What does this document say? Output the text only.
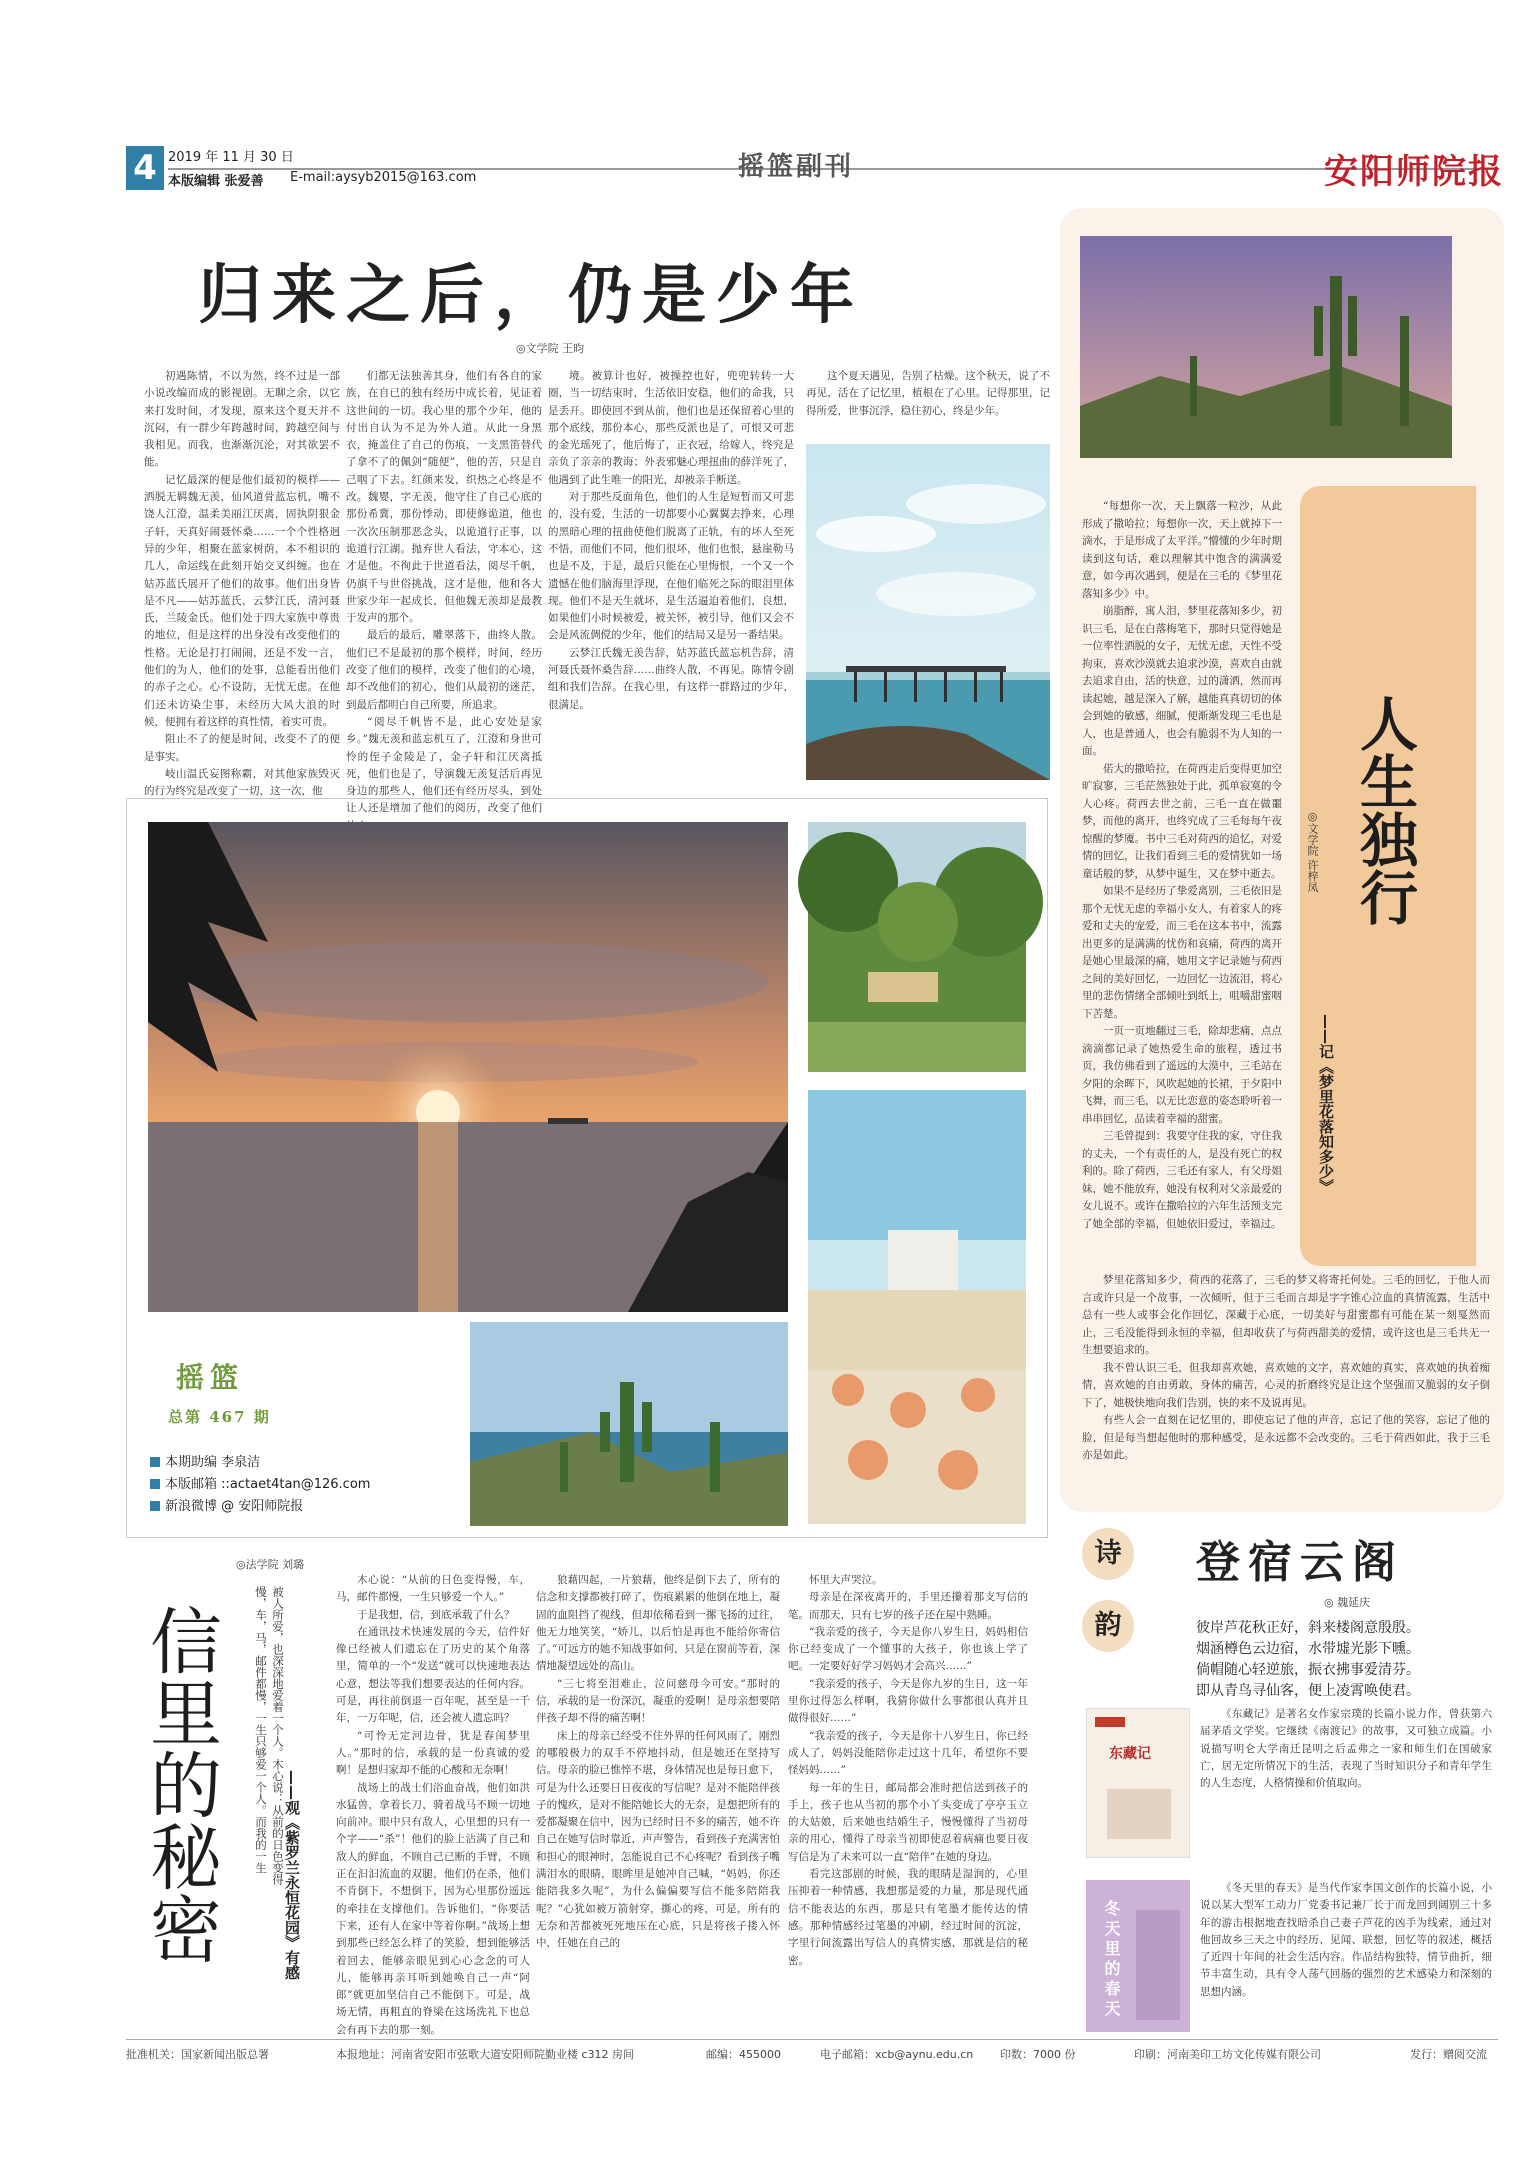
4 2019 年 11 月 30 日
本版编辑 张爱善 E-mail:aysyb2015@163.com	摇篮副刊	安阳师院报
归来之后，仍是少年
◎文学院 王昀

初遇陈情，不以为然，终不过是一部小说改编而成的影视剧。无聊之余，以它来打发时间，才发现，原来这个夏天并不沉闷，有一群少年跨越时间，跨越空间与我相见。而我，也渐渐沉沦，对其欲罢不能。

记忆最深的便是他们最初的模样——洒脱无羁魏无羡，仙风道骨蓝忘机，嘴不饶人江澄，温柔美丽江厌离，固执阴狠金子轩，天真好闹聂怀桑……一个个性格迥异的少年，相聚在蓝家树荫，本不相识的几人，命运线在此刻开始交叉纠缠。也在姑苏蓝氏展开了他们的故事。他们出身皆是不凡——姑苏蓝氏，云梦江氏，清河聂氏，兰陵金氏。他们处于四大家族中尊贵的地位，但是这样的出身没有改变他们的性格。无论是打打闹闹，还是不发一言，他们的为人，他们的处事，总能看出他们的赤子之心。心不设防，无忧无虑。在他们还未访染尘事，未经历大风大浪的时候，便拥有着这样的真性情，着实可贵。

阻止不了的便是时间，改变不了的便是事实。

岐山温氏妄图称霸，对其他家族毁灭的行为终究是改变了一切，这一次，他

们都无法独善其身，他们有各自的家族，在自已的独有经历中成长着，见证着这世间的一切。我心里的那个少年，他的付出自认为不足为外人道。从此一身黑衣，掩盖住了自己的伤痕，一支黑笛替代了拿不了的佩剑“随便”，他的苦，只是自己咽了下去。红颜来发，织热之心终是不改。魏婴，字无羡，他守住了自己心底的那份希冀，那份悸动，即使修诡道，他也一次次压制那恶念头，以诡道行正事，以诡道行江湖。抛弃世人看法，守本心，这才是他。不徇此于世道看法，阅尽千帆，仍旗千与世俗挑战，这才是他，他和各大世家少年一起成长，但他魏无羡却是最教于发声的那个。

最后的最后，雕翠落下，曲终人散。他们已不是最初的那个模样，时间，经历改变了他们的模样，改变了他们的心境，却不改他们的初心，他们从最初的迷茫，到最后都明白自己所要，所追求。

“阅尽千帆皆不是，此心安处是家乡。”魏无羡和蓝忘机互了，江澄和身世可怜的侄子金陵是了，金子轩和江厌离抵死，他们也是了，导演魏无羡复活后再见身边的那些人，他们还有经历尽头，到处让人还是增加了他们的阅历，改变了他们

境。被算计也好，被操控也好，兜兜转转一大圈，当一切结束时，生活依旧安稳，他们的命我，只是丢开。即使回不到从前，他们也是还保留着心里的那个底线，那份本心，那些反派也是了，可恨又可悲的金光瑶死了，他后悔了，正衣冠，给嫁人，终究是亲负了亲亲的教诲；外表邪魅心理扭曲的薛洋死了，他遇到了此生唯一的阳光，却被亲手断送。

对于那些反面角色，他们的人生是短暂而又可悲的，没有爱，生活的一切都要小心翼翼去挣来，心理的黑暗心理的扭曲使他们脱离了正轨，有的坏人至死不悟，而他们不同，他们很坏，他们也恨，悬崖勒马也是不及，于是，最后只能在心里悔恨，一个又一个遗憾在他们脑海里浮现，在他们临死之际的眼泪里体现。他们不是天生就坏，是生活逼迫着他们，良想，如果他们小时候被爱，被关怀，被引导，他们又会不会是风流倜傥的少年，他们的结局又是另一番结果。

云梦江氏魏无羡告辞，姑苏蓝氏蓝忘机告辞，清河聂氏聂怀桑告辞……曲终人散，不再见。陈情令剧组和我们告辞。在我心里，有这样一群路过的少年，很满足。

这个夏天遇见，告别了枯燥。这个秋天，说了不再见，活在了记忆里，植根在了心里。记得那里，记得所爱，世事沉浮，稳住初心，终是少年。

摇篮
总第 467 期
本期助编 李泉洁
本版邮箱 ::actaet4tan@126.com
新浪微博 @ 安阳师院报
人生独行
——记《梦里花落知多少》
◎文学院 许梓凤

“每想你一次，天上飘落一粒沙，从此形成了撒哈拉；每想你一次，天上就掉下一滴水，于是形成了太平洋。”懵懂的少年时期读到这句话，难以理解其中饱含的满满爱意，如今再次遇到，便是在三毛的《梦里花落知多少》中。

崩脂醉，寓人泪，梦里花落知多少，初识三毛，是在白落梅笔下，那时只觉得她是一位率性洒脱的女子，无忧无虑，天性不受拘束，喜欢沙漠就去追求沙漠，喜欢自由就去追求自由，活的快意，过的潇洒，然而再读起她，越是深入了解，越能真真切切的体会到她的敏感，细腻，便渐渐发现三毛也是人，也是普通人，也会有脆弱不为人知的一面。

偌大的撒哈拉，在荷西走后变得更加空旷寂寥，三毛茫然独处于此，孤单寂寞的令人心疼。荷西去世之前，三毛一直在做噩梦，而他的离开，也终究成了三毛每每午夜惊醒的梦魇。书中三毛对荷西的追忆，对爱情的回忆，让我们看到三毛的爱情犹如一场童话般的梦，从梦中诞生，又在梦中逝去。

如果不是经历了挚爱离别，三毛依旧是那个无忧无虑的幸福小女人，有着家人的疼爱和丈夫的宠爱，而三毛在这本书中，流露出更多的是满满的忧伤和哀痛，荷西的离开是她心里最深的痛，她用文字记录她与荷西之间的美好回忆，一边回忆一边流泪，将心里的悲伤情绪全部倾吐到纸上，咀嚼甜蜜咽下苦楚。

一页一页地翻过三毛，除却悲痛，点点滴滴都记录了她热爱生命的旅程，透过书页，我仿佛看到了遥远的大漠中，三毛站在夕阳的余晖下，风吹起她的长裙，于夕阳中飞舞，而三毛，以无比恋意的姿态聆听着一串串回忆，品读着幸福的甜蜜。

三毛曾提到：我要守住我的家，守住我的丈夫，一个有责任的人，是没有死亡的权利的。除了荷西，三毛还有家人，有父母姐妹，她不能放弃，她没有权利对父亲最爱的女儿说不。或许在撒哈拉的六年生活预支完了她全部的幸福，但她依旧爱过，幸福过。

梦里花落知多少，荷西的花落了，三毛的梦又将寄托何处。三毛的回忆，于他人而言或许只是一个故事，一次倾听，但于三毛而言却是字字锥心泣血的真情流露，生活中总有一些人或事会化作回忆，深藏于心底，一切美好与甜蜜都有可能在某一刻戛然而止，三毛没能得到永恒的幸福，但却收获了与荷西甜美的爱情，或许这也是三毛共无一生想要追求的。

我不曾认识三毛，但我却喜欢她，喜欢她的文字，喜欢她的真实，喜欢她的执着痴情，喜欢她的自由勇敢，身体的痛苦，心灵的折磨终究是让这个坚强而又脆弱的女子倒下了，她极快地向我们告别，快的来不及说再见。

有些人会一直刻在记忆里的，即使忘记了他的声音，忘记了他的笑容，忘记了他的脸，但是每当想起他时的那种感受，是永远都不会改变的。三毛于荷西如此，我于三毛亦是如此。

诗
韵
登宿云阁
◎ 魏延庆
彼岸芦花秋正好，斜来楼阁意殷殷。
烟涵樽色云边宿，水带墟光影下曛。
倘帽随心轻逆旅，振衣拂事爱清芬。
即从青鸟寻仙客，便上凌霄唤使君。
◎法学院 刘璐
信里的秘密	被人所爱，也深深地爱着一个人。木心说：从前的日色变得慢，车，马，邮件都慢，一生只够爱一个人。而我的一生
——观《紫罗兰永恒花园》有感

木心说：“从前的日色变得慢，车，马，邮件都慢，一生只够爱一个人。”

于是我想，信，到底承载了什么？

在通讯技术快速发展的今天，信件好像已经被人们遗忘在了历史的某个角落里，简单的一个“发送”就可以快速地表达心意，想法等我们想要表达的任何内容。可是，再往前倒退一百年呢，甚至是一千年，一万年呢，信，还会被人遗忘吗？

“可怜无定河边骨，犹是春闺梦里人。”那时的信，承载的是一份真诚的爱啊！是想归家却不能的心酸和无奈啊！

战场上的战士们浴血奋战，他们如洪水猛兽，拿着长刀，骑着战马不顾一切地向前冲。眼中只有敌人，心里想的只有一个字——“杀”！他们的脸上沾满了自己和敌人的鲜血，不顾自己已断的手臂，不顾正在汩汩流血的双腿，他们仍在杀，他们不肯倒下，不想倒下，因为心里那份遥远的牵挂在支撑他们。告诉他们，“你要活下来，还有人在家中等着你啊。”战场上想到那些已经怎么样了的笑脸，想到能够活着回去，能够亲眼见到心心念念的可人儿，能够再亲耳听到她唤自己一声“阿郎”就更加坚信自己不能倒下。可是，战场无情，再粗直的脊梁在这场洗礼下也总会有再下去的那一刻。

狼藉四起，一片狼藉，他终是倒下去了，所有的信念和支撑都被打碎了，伤痕累累的他倒在地上，凝固的血阻挡了视线，但却依稀看到一摞飞扬的过往，他无力地笑笑，“娇儿，以后怕是再也不能给你寄信了。”可远方的她不知战事如何，只是在窗前等着，深情地凝望远处的高山。

“三七将至泪难止，泣问慈母今可安。”那时的信，承载的是一份深沉，凝重的爱啊！是母亲想要陪伴孩子却不得的痛苦啊！

床上的母亲已经受不住外界的任何风雨了，刚烈的哪般极力的双手不停地抖动，但是她还在坚持写信。母亲的脸已憔悴不堪，身体情况也是每日愈下，可是为什么还要日日夜夜的写信呢？是对不能陪伴孩子的愧疚，是对不能陪她长大的无奈，是想把所有的爱都凝聚在信中，因为已经时日不多的痛苦，她不许自己在她写信时靠近，声声警告，看到孩子充满害怕和担心的眼神时，怎能说自己不心疼呢？看到孩子嘴满泪水的眼睛，眼眸里是她冲自己喊，“妈妈，你还能陪我多久呢”，为什么偏偏要写信不能多陪陪我呢？”心犹如被万箭射穿，撕心的疼，可是，所有的无奈和苦都被死死地压在心底，只是将孩子搂入怀中，任她在自己的

怀里大声哭泣。

母亲是在深夜离开的，手里还攥着那支写信的笔。而那天，只有七岁的孩子还在屋中熟睡。

“我亲爱的孩子，今天是你八岁生日，妈妈相信你已经变成了一个懂事的大孩子，你也该上学了吧。一定要好好学习妈妈才会高兴……”

“我亲爱的孩子，今天是你九岁的生日，这一年里你过得怎么样啊，我猜你做什么事都很认真并且做得很好……”

“我亲爱的孩子，今天是你十八岁生日，你已经成人了，妈妈没能陪你走过这十几年，希望你不要怪妈妈……”

每一年的生日，邮局都会准时把信送到孩子的手上，孩子也从当初的那个小丫头变成了亭亭玉立的大姑娘，后来她也结婚生子，慢慢懂得了当初母亲的用心，懂得了母亲当初即使忍着病痛也要日夜写信是为了未来可以一直“陪伴”在她的身边。

看完这部剧的时候，我的眼睛是湿润的，心里压抑着一种情感，我想那是爱的力量，那是现代通信不能表达的东西，那是只有笔墨才能传达的情感。那种情感经过笔墨的冲刷，经过时间的沉淀，字里行间流露出写信人的真情实感，那就是信的秘密。

东藏记

《东藏记》是著名女作家宗璞的长篇小说力作，曾获第六届茅盾文学奖。它继续《南渡记》的故事，又可独立成篇。小说描写明仑大学南迁昆明之后孟弗之一家和师生们在国破家亡，居无定所情况下的生活，表现了当时知识分子和青年学生的人生态度，人格情操和价值取向。

冬天里的春天

《冬天里的春天》是当代作家李国文创作的长篇小说，小说以某大型军工动力厂党委书记兼厂长于而龙回到阔别三十多年的游击根据地查找暗杀自己妻子芦花的凶手为线索，通过对他回故乡三天之中的经历、见闻、联想，回忆等的叙述，概括了近四十年间的社会生活内容。作品结构独特，情节曲折，细节丰富生动，具有令人荡气回肠的强烈的艺术感染力和深刻的思想内涵。

批准机关：国家新闻出版总署	本报地址：河南省安阳市弦歌大道安阳师院勤业楼 c312 房间	邮编：455000	电子邮箱：xcb@aynu.edu.cn 印数：7000 份	印刷：河南美印工坊文化传媒有限公司	发行：赠阅交流
